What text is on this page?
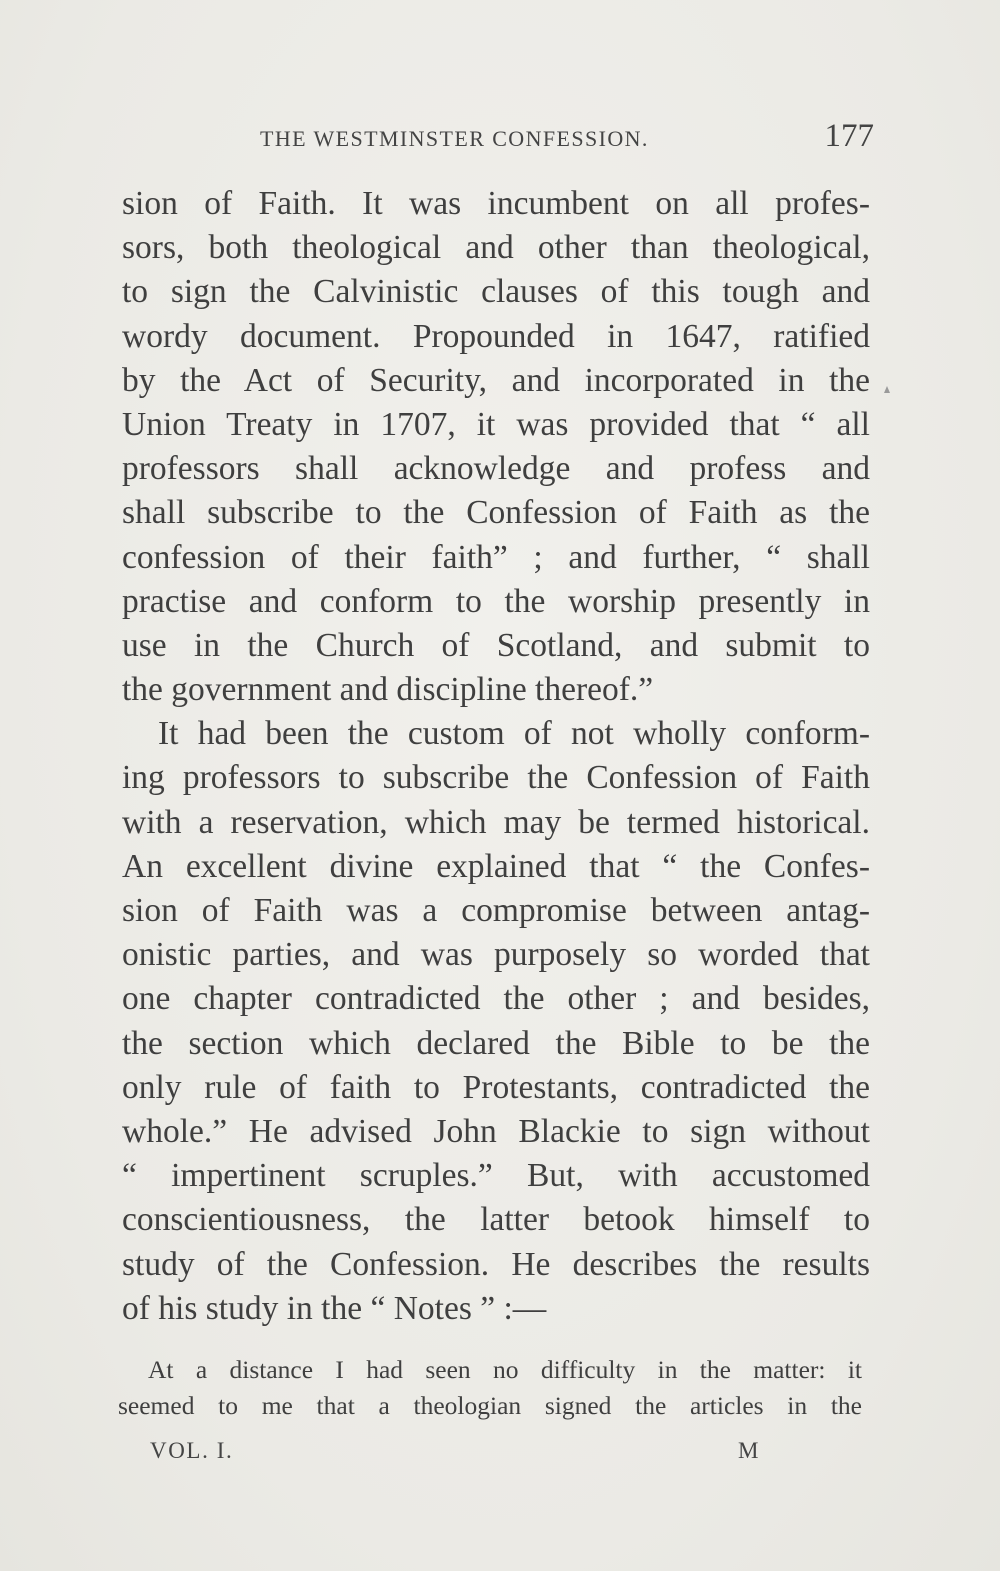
THE WESTMINSTER CONFESSION.	177

sion of Faith. It was incumbent on all profes-
sors, both theological and other than theological,
to sign the Calvinistic clauses of this tough and
wordy document. Propounded in 1647, ratified
by the Act of Security, and incorporated in the
Union Treaty in 1707, it was provided that “ all
professors shall acknowledge and profess and
shall subscribe to the Confession of Faith as the
confession of their faith” ; and further, “ shall
practise and conform to the worship presently in
use in the Church of Scotland, and submit to
the government and discipline thereof.”

It had been the custom of not wholly conform-
ing professors to subscribe the Confession of Faith
with a reservation, which may be termed historical.
An excellent divine explained that “ the Confes-
sion of Faith was a compromise between antag-
onistic parties, and was purposely so worded that
one chapter contradicted the other ; and besides,
the section which declared the Bible to be the
only rule of faith to Protestants, contradicted the
whole.” He advised John Blackie to sign without
“ impertinent scruples.” But, with accustomed
conscientiousness, the latter betook himself to
study of the Confession. He describes the results
of his study in the “ Notes ” :—

At a distance I had seen no difficulty in the matter: it
seemed to me that a theologian signed the articles in the
VOL. I.	M
